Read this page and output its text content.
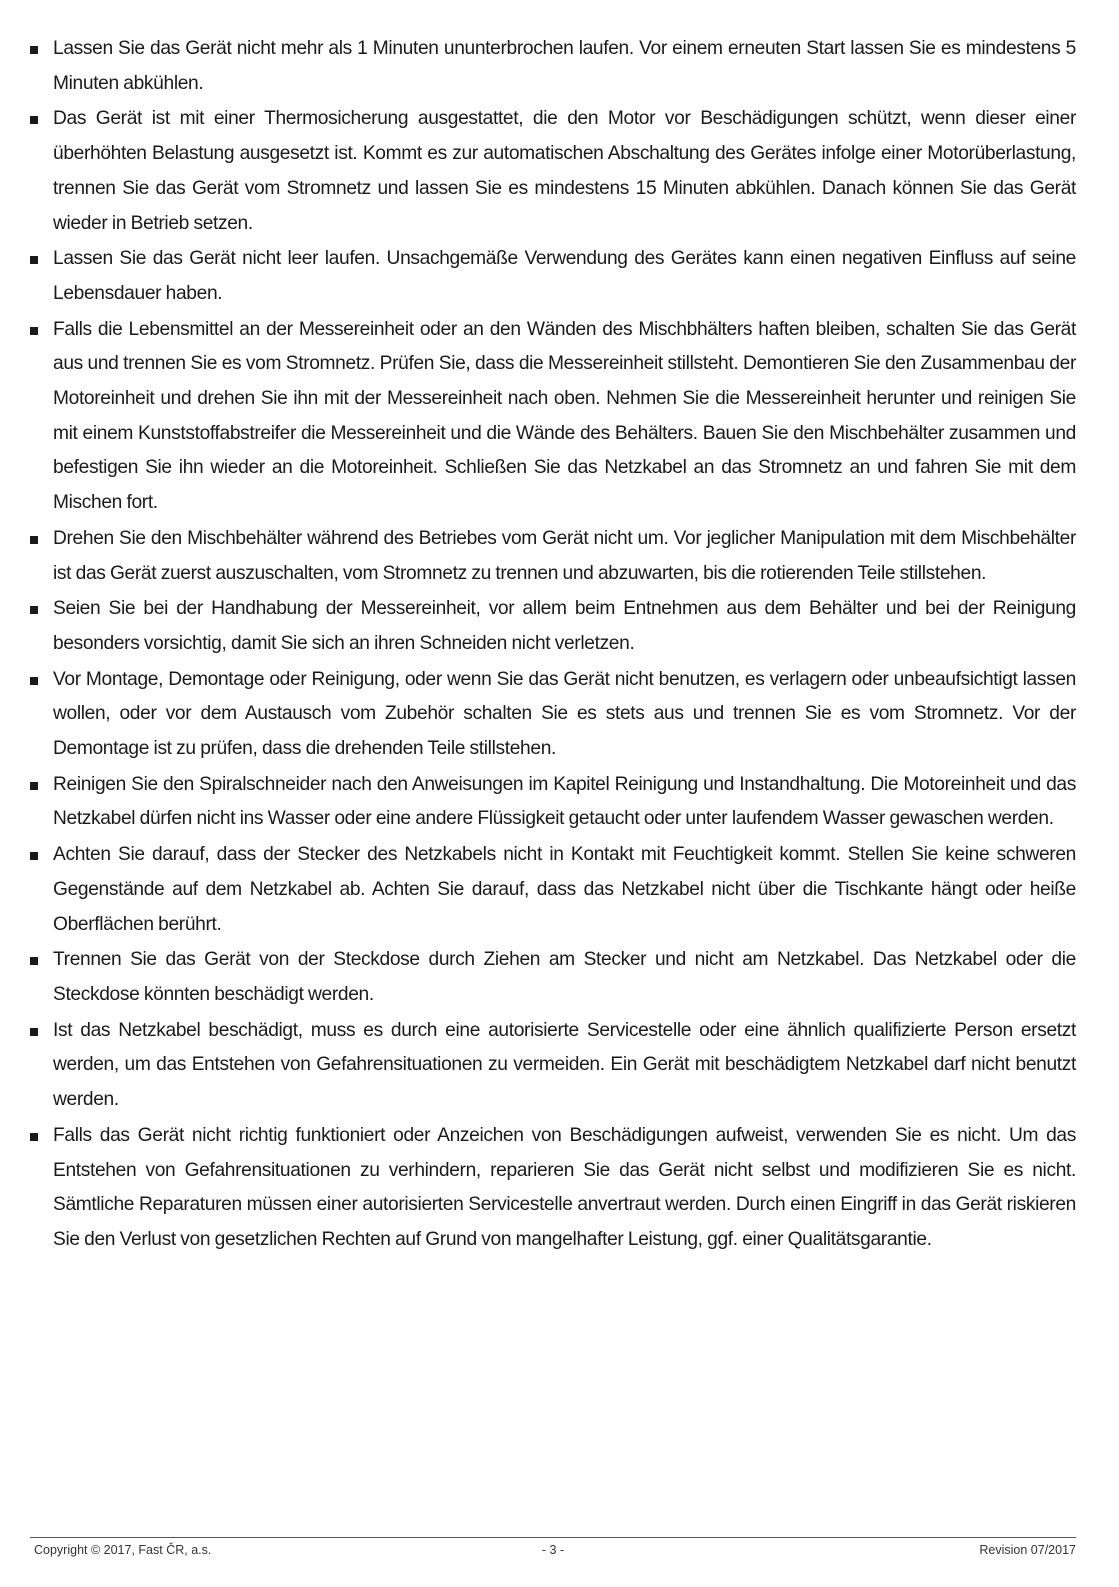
Lassen Sie das Gerät nicht mehr als 1 Minuten ununterbrochen laufen. Vor einem erneuten Start lassen Sie es mindestens 5 Minuten abkühlen.
Das Gerät ist mit einer Thermosicherung ausgestattet, die den Motor vor Beschädigungen schützt, wenn dieser einer überhöhten Belastung ausgesetzt ist. Kommt es zur automatischen Abschaltung des Gerätes infolge einer Motorüberlastung, trennen Sie das Gerät vom Stromnetz und lassen Sie es mindestens 15 Minuten abkühlen. Danach können Sie das Gerät wieder in Betrieb setzen.
Lassen Sie das Gerät nicht leer laufen. Unsachgemäße Verwendung des Gerätes kann einen negativen Einfluss auf seine Lebensdauer haben.
Falls die Lebensmittel an der Messereinheit oder an den Wänden des Mischbhälters haften bleiben, schalten Sie das Gerät aus und trennen Sie es vom Stromnetz. Prüfen Sie, dass die Messereinheit stillsteht. Demontieren Sie den Zusammenbau der Motoreinheit und drehen Sie ihn mit der Messereinheit nach oben. Nehmen Sie die Messereinheit herunter und reinigen Sie mit einem Kunststoffabstreifer die Messereinheit und die Wände des Behälters. Bauen Sie den Mischbehälter zusammen und befestigen Sie ihn wieder an die Motoreinheit. Schließen Sie das Netzkabel an das Stromnetz an und fahren Sie mit dem Mischen fort.
Drehen Sie den Mischbehälter während des Betriebes vom Gerät nicht um. Vor jeglicher Manipulation mit dem Mischbehälter ist das Gerät zuerst auszuschalten, vom Stromnetz zu trennen und abzuwarten, bis die rotierenden Teile stillstehen.
Seien Sie bei der Handhabung der Messereinheit, vor allem beim Entnehmen aus dem Behälter und bei der Reinigung besonders vorsichtig, damit Sie sich an ihren Schneiden nicht verletzen.
Vor Montage, Demontage oder Reinigung, oder wenn Sie das Gerät nicht benutzen, es verlagern oder unbeaufsichtigt lassen wollen, oder vor dem Austausch vom Zubehör schalten Sie es stets aus und trennen Sie es vom Stromnetz. Vor der Demontage ist zu prüfen, dass die drehenden Teile stillstehen.
Reinigen Sie den Spiralschneider nach den Anweisungen im Kapitel Reinigung und Instandhaltung. Die Motoreinheit und das Netzkabel dürfen nicht ins Wasser oder eine andere Flüssigkeit getaucht oder unter laufendem Wasser gewaschen werden.
Achten Sie darauf, dass der Stecker des Netzkabels nicht in Kontakt mit Feuchtigkeit kommt. Stellen Sie keine schweren Gegenstände auf dem Netzkabel ab. Achten Sie darauf, dass das Netzkabel nicht über die Tischkante hängt oder heiße Oberflächen berührt.
Trennen Sie das Gerät von der Steckdose durch Ziehen am Stecker und nicht am Netzkabel. Das Netzkabel oder die Steckdose könnten beschädigt werden.
Ist das Netzkabel beschädigt, muss es durch eine autorisierte Servicestelle oder eine ähnlich qualifizierte Person ersetzt werden, um das Entstehen von Gefahrensituationen zu vermeiden. Ein Gerät mit beschädigtem Netzkabel darf nicht benutzt werden.
Falls das Gerät nicht richtig funktioniert oder Anzeichen von Beschädigungen aufweist, verwenden Sie es nicht. Um das Entstehen von Gefahrensituationen zu verhindern, reparieren Sie das Gerät nicht selbst und modifizieren Sie es nicht. Sämtliche Reparaturen müssen einer autorisierten Servicestelle anvertraut werden. Durch einen Eingriff in das Gerät riskieren Sie den Verlust von gesetzlichen Rechten auf Grund von mangelhafter Leistung, ggf. einer Qualitätsgarantie.
Copyright © 2017, Fast ČR, a.s.	- 3 -	Revision 07/2017
